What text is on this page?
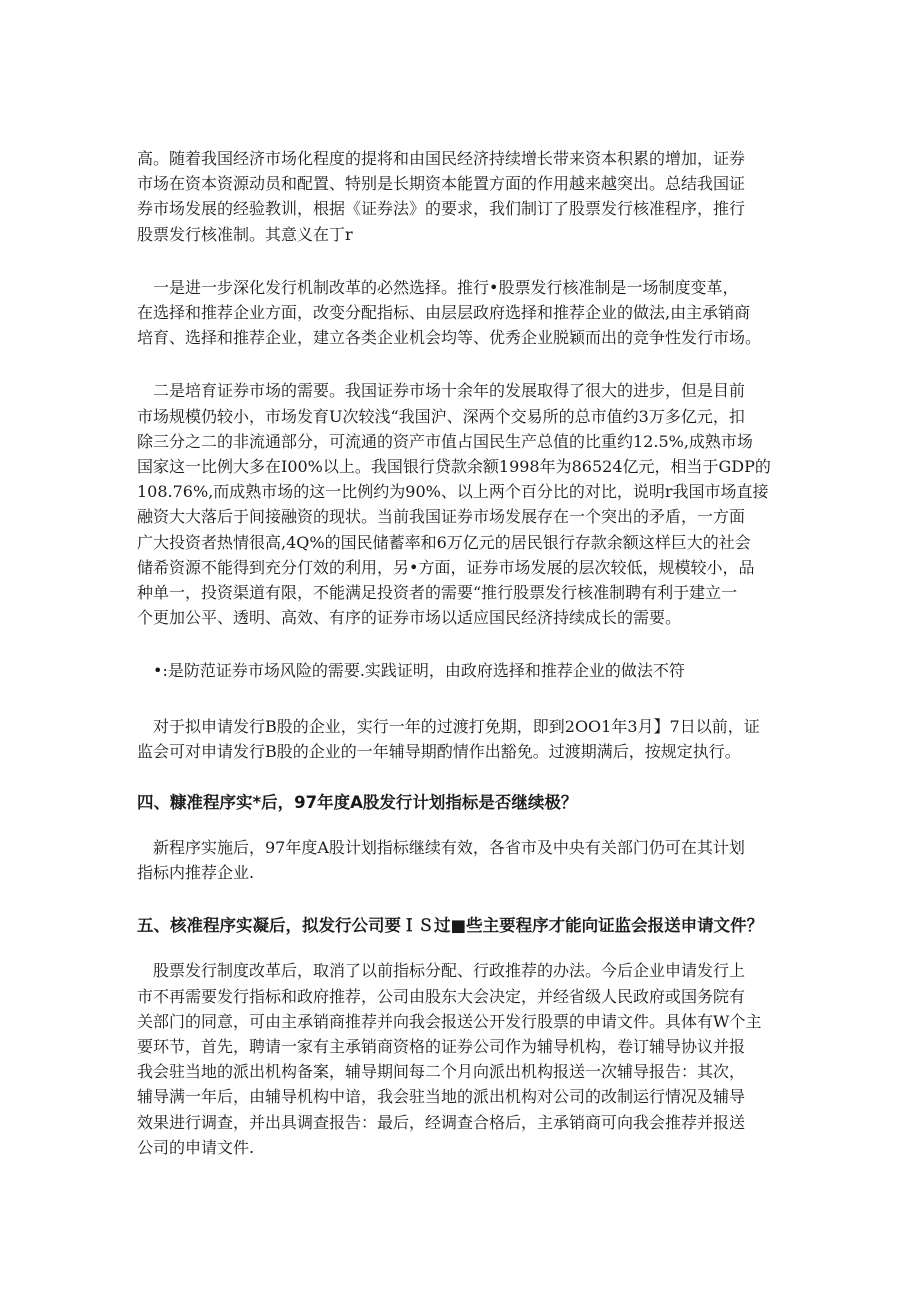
高。随着我国经济市场化程度的提将和由国民经济持续增长带来资本积累的增加，证券
市场在资本资源动员和配置、特别是长期资本能置方面的作用越来越突出。总结我国证
券市场发展的经验教训，根据《证券法》的要求，我们制订了股票发行核准程序，推行
股票发行核准制。其意义在丁r
一是进一步深化发行机制改革的必然选择。推行•股票发行核准制是一场制度变革，
在选择和推荐企业方面，改变分配指标、由层层政府选择和推荐企业的做法,由主承销商
培育、选择和推荐企业，建立各类企业机会均等、优秀企业脱颖而出的竞争性发行市场。
二是培育证券市场的需要。我国证券市场十余年的发展取得了很大的进步，但是目前
市场规模仍较小，市场发育U次较浅“我国沪、深两个交易所的总市值约3万多亿元，扣
除三分之二的非流通部分，可流通的资产市值占国民生产总值的比重约12.5%,成熟市场
国家这一比例大多在I00%以上。我国银行贷款余额1998年为86524亿元，相当于GDP的
108.76%,而成熟市场的这一比例约为90%、以上两个百分比的对比，说明r我国市场直接
融资大大落后于间接融资的现状。当前我国证券市场发展存在一个突出的矛盾，一方面
广大投资者热情很高,4Q%的国民储蓄率和6万亿元的居民银行存款余额这样巨大的社会
储希资源不能得到充分仃效的利用，另•方面，证券市场发展的层次较低，规模较小，品
种单一，投资渠道有限，不能满足投资者的需要“推行股票发行核准制聘有利于建立一
个更加公平、透明、高效、有序的证券市场以适应国民经济持续成长的需要。
•:是防范证券市场风险的需要.实践证明，由政府选择和推荐企业的做法不符
对于拟申请发行B股的企业，实行一年的过渡打免期，即到2OO1年3月】7日以前，证
监会可对申请发行B股的企业的一年辅导期酌情作出豁免。过渡期满后，按规定执行。
四、糠准程序实*后，97年度A股发行计划指标是否继续极？
新程序实施后，97年度A股计划指标继续有效，各省市及中央有关部门仍可在其计划
指标内推荐企业.
五、核准程序实凝后，拟发行公司要ＩＳ过■些主要程序才能向证监会报送申请文件？
股票发行制度改革后，取消了以前指标分配、行政推荐的办法。今后企业申请发行上
市不再需要发行指标和政府推荐，公司由股东大会决定，并经省级人民政府或国务院有
关部门的同意，可由主承销商推荐并向我会报送公开发行股票的申请文件。具体有W个主
要环节，首先，聘请一家有主承销商资格的证券公司作为辅导机构，卷订辅导协议并报
我会驻当地的派出机构备案，辅导期间每二个月向派出机构报送一次辅导报告：其次，
辅导满一年后，由辅导机构中谙，我会驻当地的派出机构对公司的改制运行情况及辅导
效果进行调查，并出具调查报告：最后，经调查合格后，主承销商可向我会推荐并报送
公司的申请文件.
